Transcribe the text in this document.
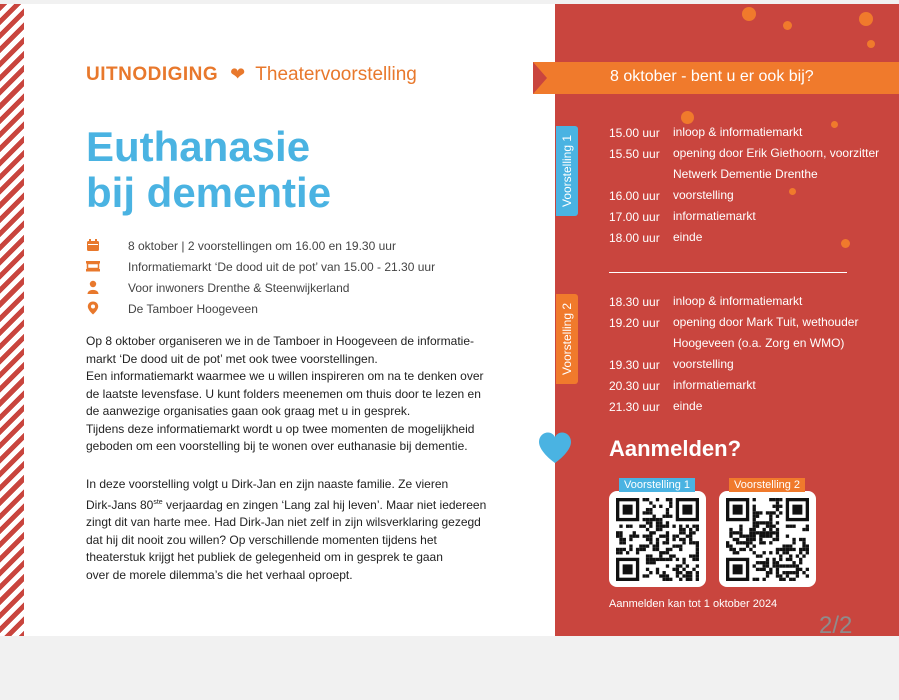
UITNODIGING ❤ Theatervoorstelling
Euthanasie
bij dementie
8 oktober | 2 voorstellingen om 16.00 en 19.30 uur
Informatiemarkt ‘De dood uit de pot’ van 15.00 - 21.30 uur
Voor inwoners Drenthe & Steenwijkerland
De Tamboer Hoogeveen
Op 8 oktober organiseren we in de Tamboer in Hoogeveen de informatie-
markt ‘De dood uit de pot’ met ook twee voorstellingen.
Een informatiemarkt waarmee we u willen inspireren om na te denken over
de laatste levensfase. U kunt folders meenemen om thuis door te lezen en
de aanwezige organisaties gaan ook graag met u in gesprek.
Tijdens deze informatiemarkt wordt u op twee momenten de mogelijkheid
geboden om een voorstelling bij te wonen over euthanasie bij dementie.
In deze voorstelling volgt u Dirk-Jan en zijn naaste familie. Ze vieren
Dirk-Jans 80ste verjaardag en zingen ‘Lang zal hij leven’. Maar niet iedereen
zingt dit van harte mee. Had Dirk-Jan niet zelf in zijn wilsverklaring gezegd
dat hij dit nooit zou willen? Op verschillende momenten tijdens het
theaterstuk krijgt het publiek de gelegenheid om in gesprek te gaan
over de morele dilemma’s die het verhaal oproept.
8 oktober - bent u er ook bij?
Voorstelling 1
Voorstelling 2
15.00 uur inloop & informatiemarkt
15.50 uur opening door Erik Giethoorn, voorzitter Netwerk Dementie Drenthe
16.00 uur voorstelling
17.00 uur informatiemarkt
18.00 uur einde
18.30 uur inloop & informatiemarkt
19.20 uur opening door Mark Tuit, wethouder Hoogeveen (o.a. Zorg en WMO)
19.30 uur voorstelling
20.30 uur informatiemarkt
21.30 uur einde
Aanmelden?
Voorstelling 1	Voorstelling 2
Aanmelden kan tot 1 oktober 2024
2/2
